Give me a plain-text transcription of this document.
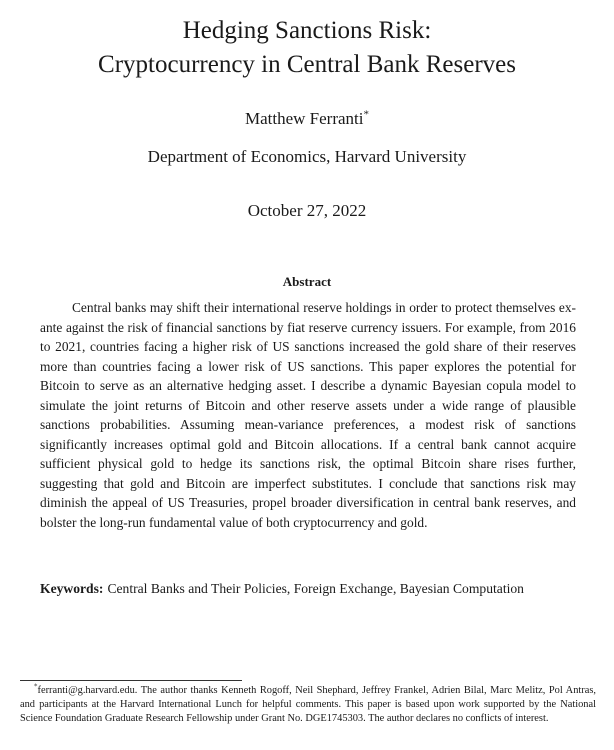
Hedging Sanctions Risk:
Cryptocurrency in Central Bank Reserves
Matthew Ferranti*
Department of Economics, Harvard University
October 27, 2022
Abstract

Central banks may shift their international reserve holdings in order to protect themselves ex-ante against the risk of financial sanctions by fiat reserve currency issuers. For example, from 2016 to 2021, countries facing a higher risk of US sanctions increased the gold share of their reserves more than countries facing a lower risk of US sanctions. This paper explores the potential for Bitcoin to serve as an alternative hedging asset. I describe a dynamic Bayesian copula model to simulate the joint returns of Bitcoin and other reserve assets under a wide range of plausible sanctions probabilities. Assuming mean-variance preferences, a modest risk of sanctions significantly increases optimal gold and Bitcoin allocations. If a central bank cannot acquire sufficient physical gold to hedge its sanctions risk, the optimal Bitcoin share rises further, suggesting that gold and Bitcoin are imperfect substitutes. I conclude that sanctions risk may diminish the appeal of US Treasuries, propel broader diversification in central bank reserves, and bolster the long-run fundamental value of both cryptocurrency and gold.

Keywords: Central Banks and Their Policies, Foreign Exchange, Bayesian Computation

*ferranti@g.harvard.edu. The author thanks Kenneth Rogoff, Neil Shephard, Jeffrey Frankel, Adrien Bilal, Marc Melitz, Pol Antras, and participants at the Harvard International Lunch for helpful comments. This paper is based upon work supported by the National Science Foundation Graduate Research Fellowship under Grant No. DGE1745303. The author declares no conflicts of interest.
